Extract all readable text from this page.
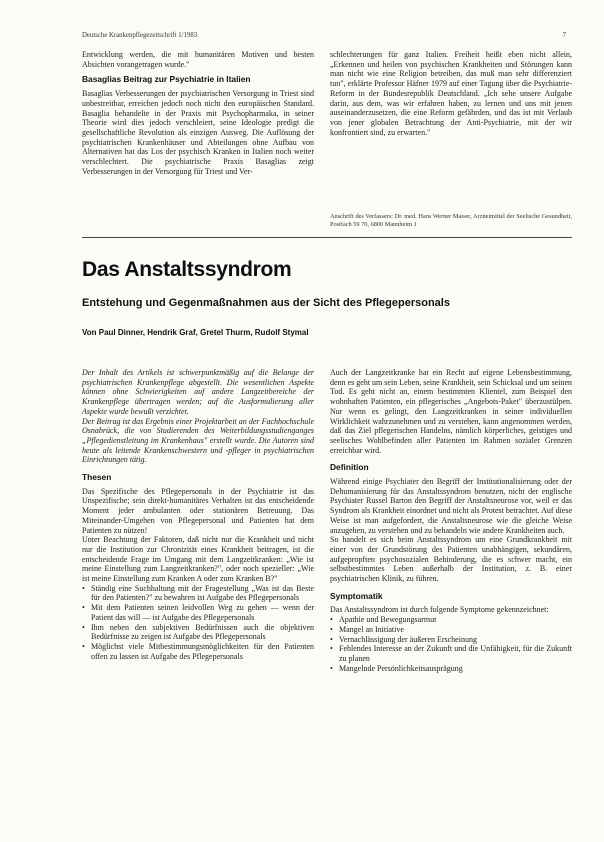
Deutsche Krankenpflegezeitschrift 1/1983	7

Entwicklung werden, die mit humanitären Motiven und besten Absichten vorangetragen wurde."

Basaglias Beitrag zur Psychiatrie in Italien

Basaglias Verbesserungen der psychiatrischen Versorgung in Triest sind unbestreitbar, erreichen jedoch noch nicht den europäischen Standard. Basaglia behandelte in der Praxis mit Psychopharmaka, in seiner Theorie wird dies jedoch verschleiert, seine Ideologie predigt die gesellschaftliche Revolution als einzigen Ausweg. Die Auflösung der psychiatrischen Krankenhäuser und Abteilungen ohne Aufbau von Alternativen hat das Los der psychisch Kranken in Italien noch weiter verschlechtert. Die psychiatrische Praxis Basaglias zeigt Verbesserungen in der Versorgung für Triest und Ver-

schlechterungen für ganz Italien. Freiheit heißt eben nicht allein, „Erkennen und heilen von psychischen Krankheiten und Störungen kann man nicht wie eine Religion betreiben, das muß man sehr differenziert tun", erklärte Professor Häfner 1979 auf einer Tagung über die Psychiatrie-Reform in der Bundesrepublik Deutschland. „Ich sehe unsere Aufgabe darin, aus dem, was wir erfahren haben, zu lernen und uns mit jenen auseinanderzusetzen, die eine Reform gefährden, und das ist mit Verlaub von jener globalen Betrachtung der Anti-Psychiatrie, mit der wir konfrontiert sind, zu erwarten."

Anschrift des Verfassers: Dr. med. Hans Werner Maiser, Arzneimittel der Seelische Gesundheit, Postfach 59 70, 6800 Mannheim 1
Das Anstaltssyndrom
Entstehung und Gegenmaßnahmen aus der Sicht des Pflegepersonals
Von Paul Dinner, Hendrik Graf, Gretel Thurm, Rudolf Stymal

Der Inhalt des Artikels ist schwerpunktmäßig auf die Belange der psychiatrischen Krankenpflege abgestellt. Die wesentlichen Aspekte können ohne Schwierigkeiten auf andere Langzeitbereiche der Krankenpflege übertragen werden; auf die Ausformulierung aller Aspekte wurde bewußt verzichtet.

Der Beitrag ist das Ergebnis einer Projektarbeit an der Fachhochschule Osnabrück, die von Studierenden des Weiterbildungsstudienganges „Pflegedienstleitung im Krankenhaus" erstellt wurde. Die Autoren sind heute als leitende Krankenschwestern und -pfleger in psychiatrischen Einrichtungen tätig.

Thesen

Das Spezifische des Pflegepersonals in der Psychiatrie ist das Unspezifische; sein direkt-humanitäres Verhalten ist das entscheidende Moment jeder ambulanten oder stationären Betreuung. Das Miteinander-Umgehen von Pflegepersonal und Patienten hat dem Patienten zu nützen!

Unter Beachtung der Faktoren, daß nicht nur die Krankheit und nicht nur die Institution zur Chronizität eines Krankheit beitragen, ist die entscheidende Frage im Umgang mit dem Langzeitkranken: „Wie ist meine Einstellung zum Langzeitkranken?", oder noch spezieller: „Wie ist meine Einstellung zum Kranken A oder zum Kranken B?"

• Ständig eine Suchhaltung mit der Fragestellung „Was ist das Beste für den Patienten?" zu bewahren ist Aufgabe des Pflegepersonals
• Mit dem Patienten seinen leidvollen Weg zu gehen — wenn der Patient das will — ist Aufgabe des Pflegepersonals
• Ihm neben den subjektiven Bedürfnissen auch die objektiven Bedürfnisse zu zeigen ist Aufgabe des Pflegepersonals
• Möglichst viele Mitbestimmungsmöglichkeiten für den Patienten offen zu lassen ist Aufgabe des Pflegepersonals

Auch der Langzeitkranke hat ein Recht auf eigene Lebensbestimmung, denn es geht um sein Leben, seine Krankheit, sein Schicksal und um seinen Tod. Es geht nicht an, einem bestimmten Klientel, zum Beispiel den wohnhaften Patienten, ein pflegerisches „Angebots-Paket" überzustülpen. Nur wenn es gelingt, den Langzeitkranken in seiner individuellen Wirklichkeit wahrzunehmen und zu verstehen, kann angenommen werden, daß das Ziel pflegerischen Handelns, nämlich körperliches, geistiges und seelisches Wohlbefinden aller Patienten im Rahmen sozialer Grenzen erreichbar wird.

Definition

Während einige Psychiater den Begriff der Institutionalisierung oder der Dehumanisierung für das Anstaltssyndrom benutzen, nicht der englische Psychiater Russel Barton den Begriff der Anstaltsneurose vor, weil er das Syndrom als Krankheit einordnet und nicht als Protest betrachtet. Auf diese Weise ist man aufgefordert, die Anstaltsneurose wie die gleiche Weise anzugehen, zu verstehen und zu behandeln wie andere Krankheiten auch.

So handelt es sich beim Anstaltssyndrom um eine Grundkrankheit mit einer von der Grundstörung des Patienten unabhängigen, sekundären, aufgepropften psychosozialen Behinderung, die es schwer macht, ein selbstbestimmtes Leben außerhalb der Institution, z. B. einer psychiatrischen Klinik, zu führen.

Symptomatik

Das Anstaltssyndrom ist durch folgende Symptome gekennzeichnet:

• Apathie und Bewegungsarmut
• Mangel an Initiative
• Vernachlässigung der äußeren Erscheinung
• Fehlendes Interesse an der Zukunft und die Unfähigkeit, für die Zukunft zu planen
• Mangelnde Persönlichkeitsausprägung
